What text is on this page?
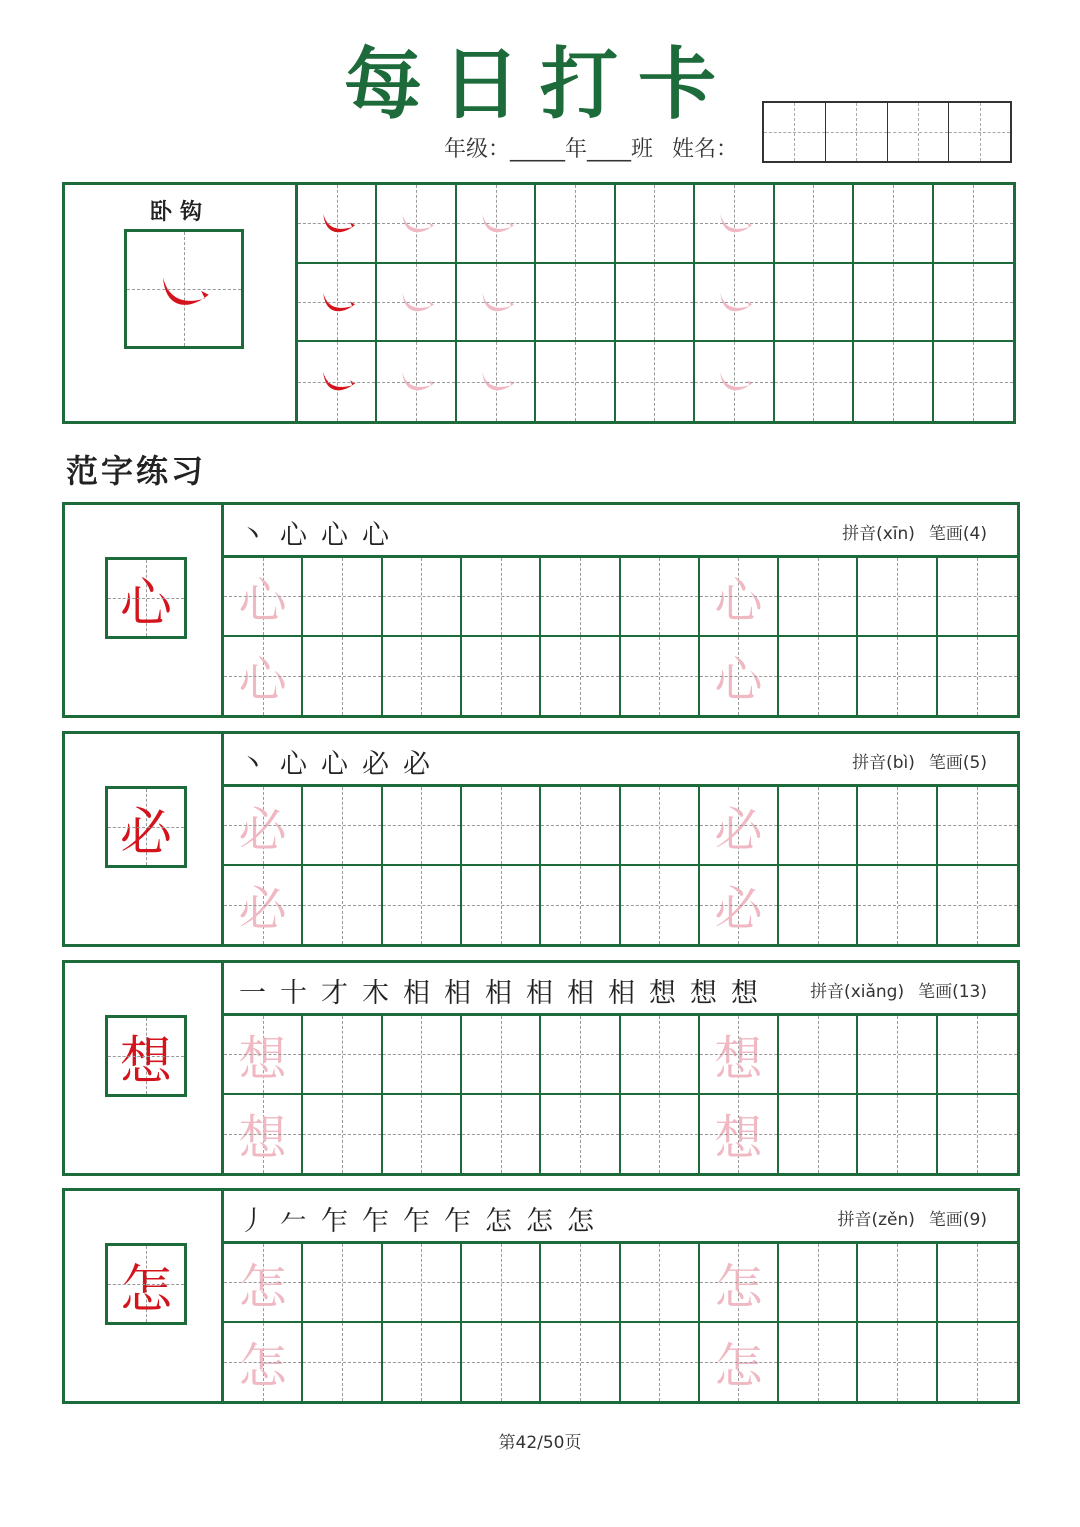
每日打卡
年级：_____年____班 姓名：
卧钩
范字练习
心
丶 心 心 心	拼音(xīn) 笔画(4)
心	心
心	心
必
丶 心 心 必 必	拼音(bì) 笔画(5)
必	必
必	必
想
一 十 才 木 相 相 相 相 相 相 想 想 想	拼音(xiǎng) 笔画(13)
想	想
想	想
怎
丿 𠂉 乍 乍 乍 乍 怎 怎 怎	拼音(zěn) 笔画(9)
怎	怎
怎	怎
第42/50页
